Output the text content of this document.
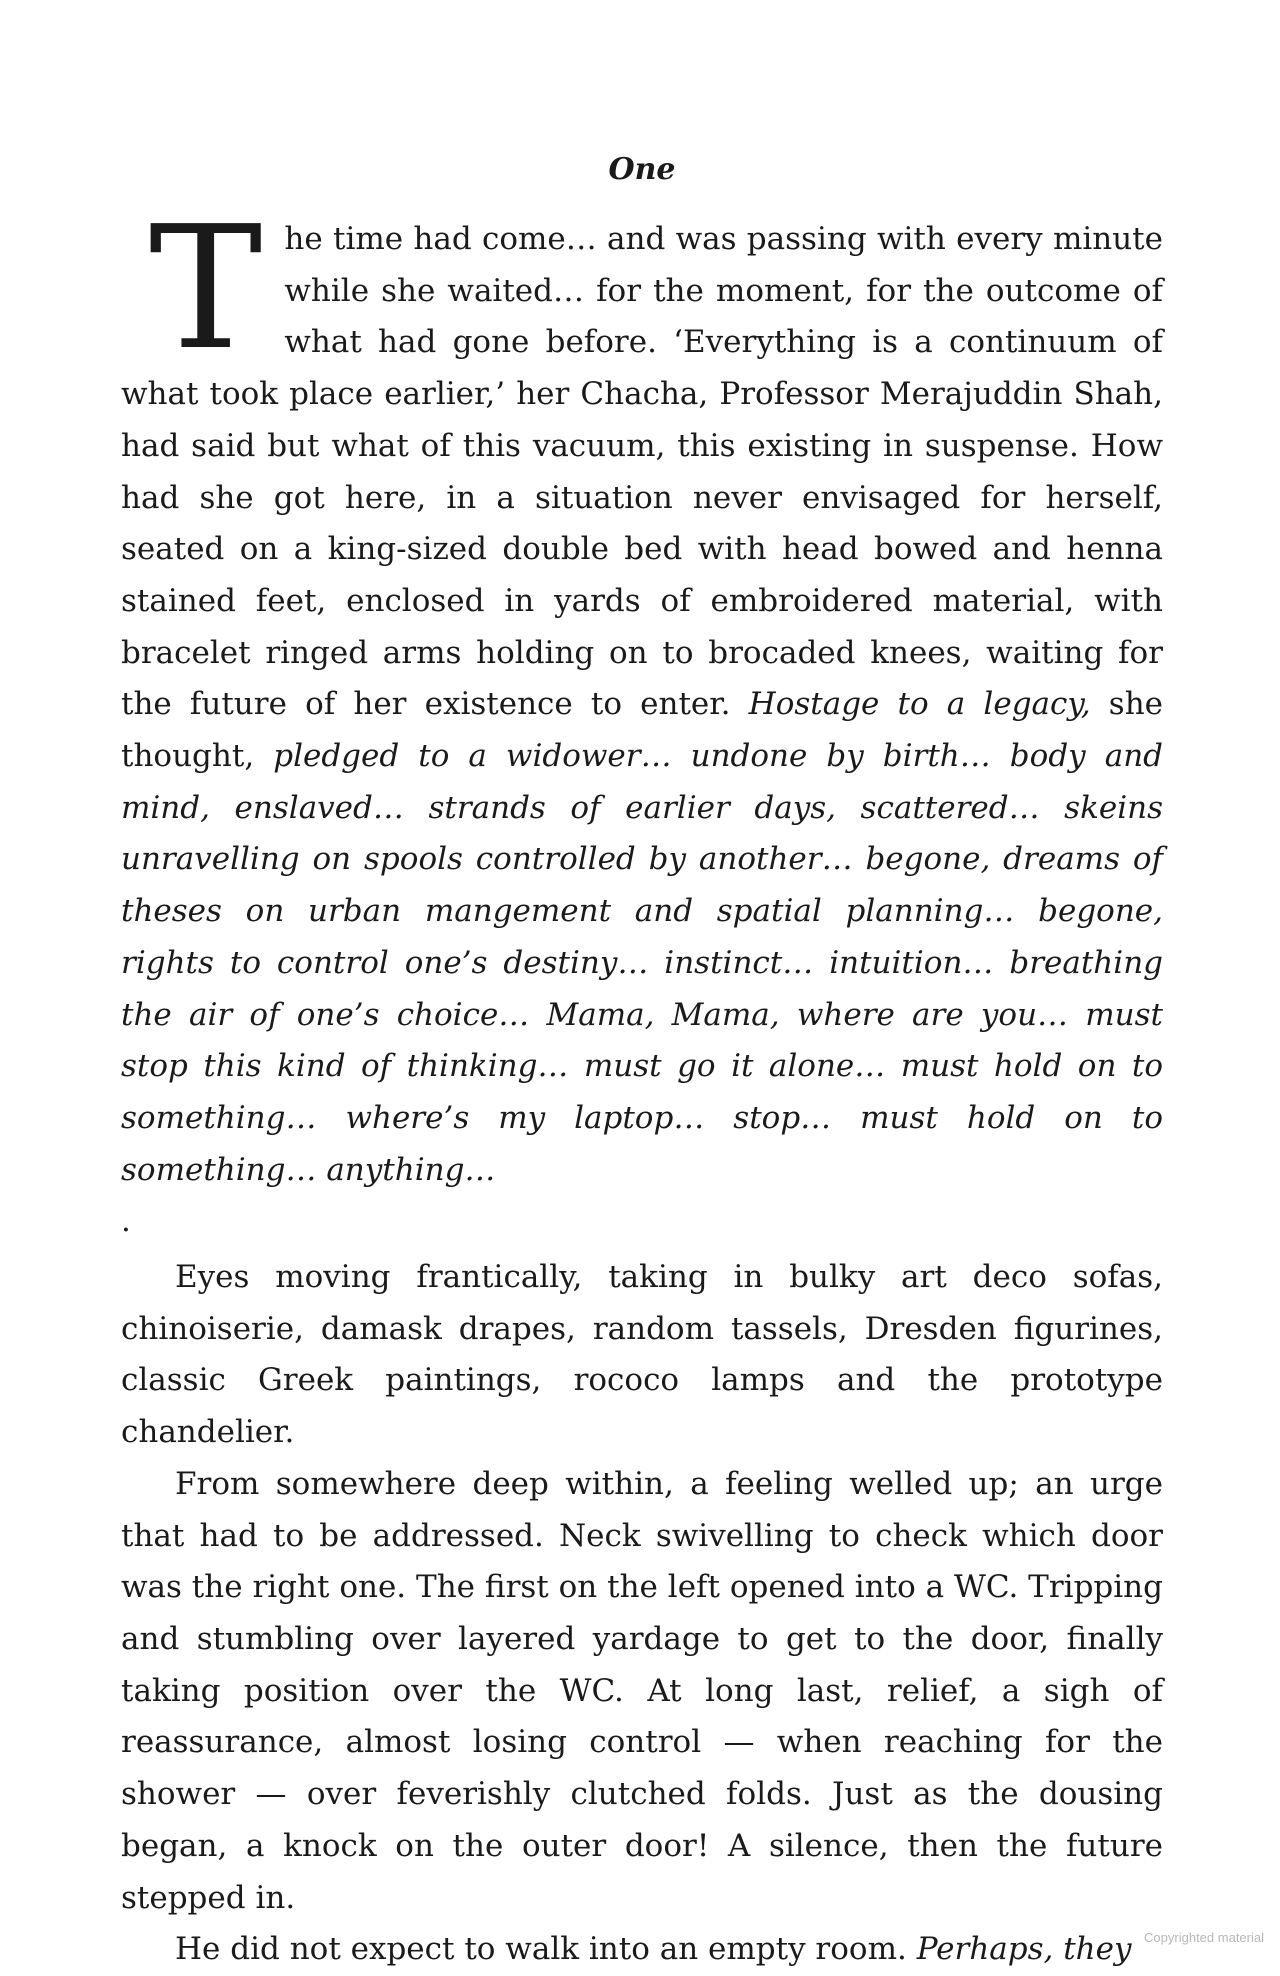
One

The time had come… and was passing with every minute while she waited… for the moment, for the outcome of what had gone before. ‘Everything is a continuum of what took place earlier,’ her Chacha, Professor Merajuddin Shah, had said but what of this vacuum, this existing in suspense. How had she got here, in a situation never envisaged for herself, seated on a king-sized double bed with head bowed and henna stained feet, enclosed in yards of embroidered material, with bracelet ringed arms holding on to brocaded knees, waiting for the future of her existence to enter. Hostage to a legacy, she thought, pledged to a widower… undone by birth… body and mind, enslaved… strands of earlier days, scattered… skeins unravelling on spools controlled by another… begone, dreams of theses on urban mangement and spatial planning… begone, rights to control one’s destiny… instinct… intuition… breathing the air of one’s choice… Mama, Mama, where are you… must stop this kind of thinking… must go it alone… must hold on to something… where’s my laptop… stop… must hold on to something… anything…

.

Eyes moving frantically, taking in bulky art deco sofas, chinoiserie, damask drapes, random tassels, Dresden figurines, classic Greek paintings, rococo lamps and the prototype chandelier.

From somewhere deep within, a feeling welled up; an urge that had to be addressed. Neck swivelling to check which door was the right one. The first on the left opened into a WC. Tripping and stumbling over layered yardage to get to the door, finally taking position over the WC. At long last, relief, a sigh of reassurance, almost losing control — when reaching for the shower — over feverishly clutched folds. Just as the dousing began, a knock on the outer door! A silence, then the future stepped in.

He did not expect to walk into an empty room. Perhaps, they Copyrighted material
